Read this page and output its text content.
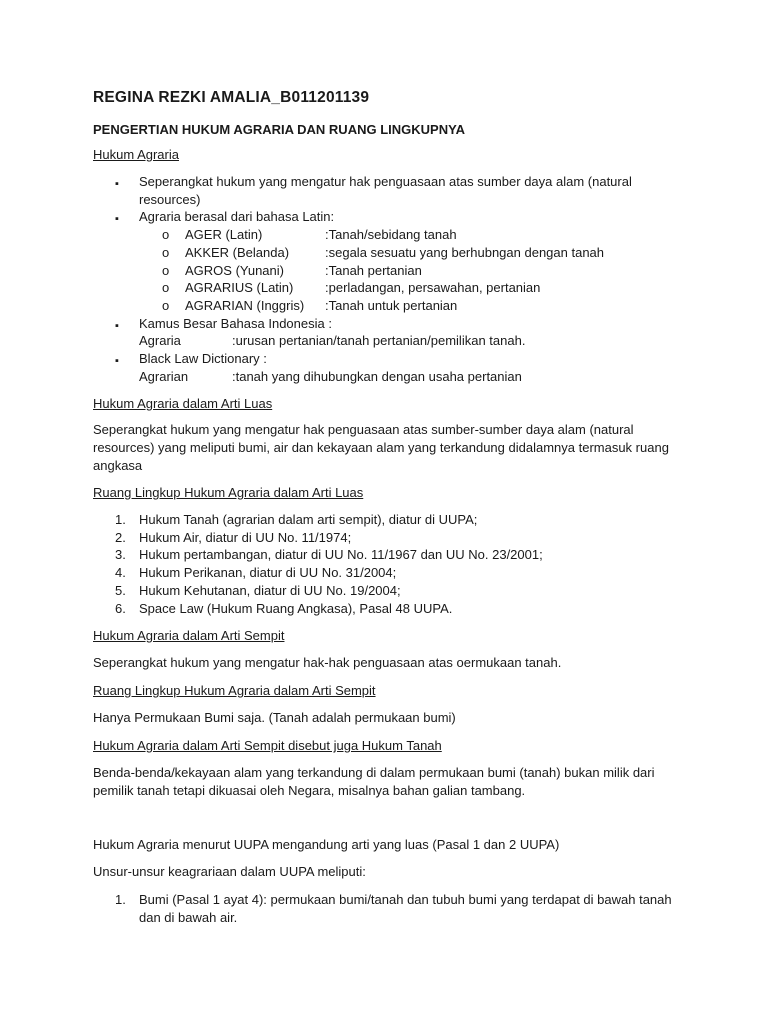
REGINA REZKI AMALIA_B011201139
PENGERTIAN HUKUM AGRARIA DAN RUANG LINGKUPNYA
Hukum Agraria
▪
Seperangkat hukum yang mengatur hak penguasaan atas sumber daya alam (natural
resources)
▪
Agraria berasal dari bahasa Latin:
o
AGER (Latin)	:Tanah/sebidang tanah
o
AKKER (Belanda)	:segala sesuatu yang berhubngan dengan tanah
o
AGROS (Yunani)	:Tanah pertanian
o
AGRARIUS (Latin) :perladangan, persawahan, pertanian
o
AGRARIAN (Inggris) :Tanah untuk pertanian
▪
Kamus Besar Bahasa Indonesia :
Agraria	:urusan pertanian/tanah pertanian/pemilikan tanah.
▪
Black Law Dictionary :
Agrarian	:tanah yang dihubungkan dengan usaha pertanian
Hukum Agraria dalam Arti Luas
Seperangkat hukum yang mengatur hak penguasaan atas sumber-sumber daya alam (natural
resources) yang meliputi bumi, air dan kekayaan alam yang terkandung didalamnya termasuk ruang
angkasa
Ruang Lingkup Hukum Agraria dalam Arti Luas
1. Hukum Tanah (agrarian dalam arti sempit), diatur di UUPA;
2. Hukum Air, diatur di UU No. 11/1974;
3. Hukum pertambangan, diatur di UU No. 11/1967 dan UU No. 23/2001;
4. Hukum Perikanan, diatur di UU No. 31/2004;
5. Hukum Kehutanan, diatur di UU No. 19/2004;
6. Space Law (Hukum Ruang Angkasa), Pasal 48 UUPA.
Hukum Agraria dalam Arti Sempit
Seperangkat hukum yang mengatur hak-hak penguasaan atas oermukaan tanah.
Ruang Lingkup Hukum Agraria dalam Arti Sempit
Hanya Permukaan Bumi saja. (Tanah adalah permukaan bumi)
Hukum Agraria dalam Arti Sempit disebut juga Hukum Tanah
Benda-benda/kekayaan alam yang terkandung di dalam permukaan bumi (tanah) bukan milik dari
pemilik tanah tetapi dikuasai oleh Negara, misalnya bahan galian tambang.
Hukum Agraria menurut UUPA mengandung arti yang luas (Pasal 1 dan 2 UUPA)
Unsur-unsur keagrariaan dalam UUPA meliputi:
1. Bumi (Pasal 1 ayat 4): permukaan bumi/tanah dan tubuh bumi yang terdapat di bawah tanah
dan di bawah air.
